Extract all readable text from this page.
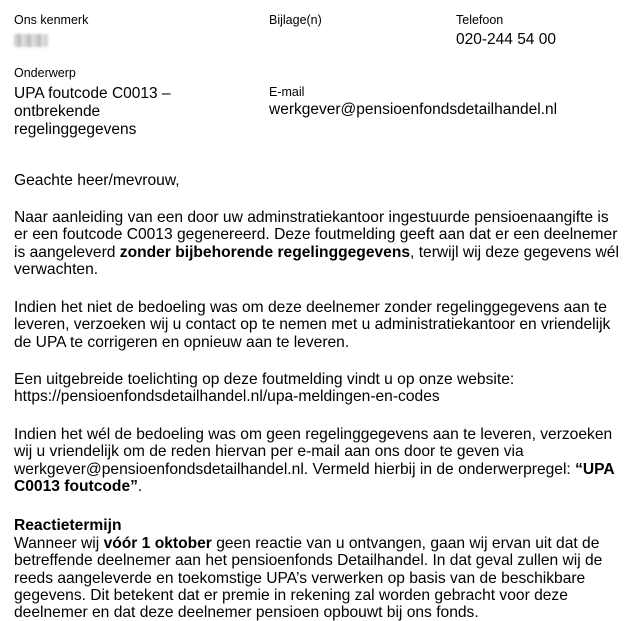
Ons kenmerk	Bijlage(n)	Telefoon
020-244 54 00
Onderwerp
UPA foutcode C0013 –
ontbrekende
regelinggegevens
E-mail
werkgever@pensioenfondsdetailhandel.nl

Geachte heer/mevrouw,

Naar aanleiding van een door uw adminstratiekantoor ingestuurde pensioenaangifte is er een foutcode C0013 gegenereerd. Deze foutmelding geeft aan dat er een deelnemer is aangeleverd zonder bijbehorende regelinggegevens, terwijl wij deze gegevens wél verwachten.

Indien het niet de bedoeling was om deze deelnemer zonder regelinggegevens aan te leveren, verzoeken wij u contact op te nemen met u administratiekantoor en vriendelijk de UPA te corrigeren en opnieuw aan te leveren.

Een uitgebreide toelichting op deze foutmelding vindt u op onze website:
https://pensioenfondsdetailhandel.nl/upa-meldingen-en-codes

Indien het wél de bedoeling was om geen regelinggegevens aan te leveren, verzoeken wij u vriendelijk om de reden hiervan per e-mail aan ons door te geven via werkgever@pensioenfondsdetailhandel.nl. Vermeld hierbij in de onderwerpregel: “UPA C0013 foutcode”.

Reactietermijn

Wanneer wij vóór 1 oktober geen reactie van u ontvangen, gaan wij ervan uit dat de betreffende deelnemer aan het pensioenfonds Detailhandel. In dat geval zullen wij de reeds aangeleverde en toekomstige UPA’s verwerken op basis van de beschikbare gegevens. Dit betekent dat er premie in rekening zal worden gebracht voor deze deelnemer en dat deze deelnemer pensioen opbouwt bij ons fonds.
